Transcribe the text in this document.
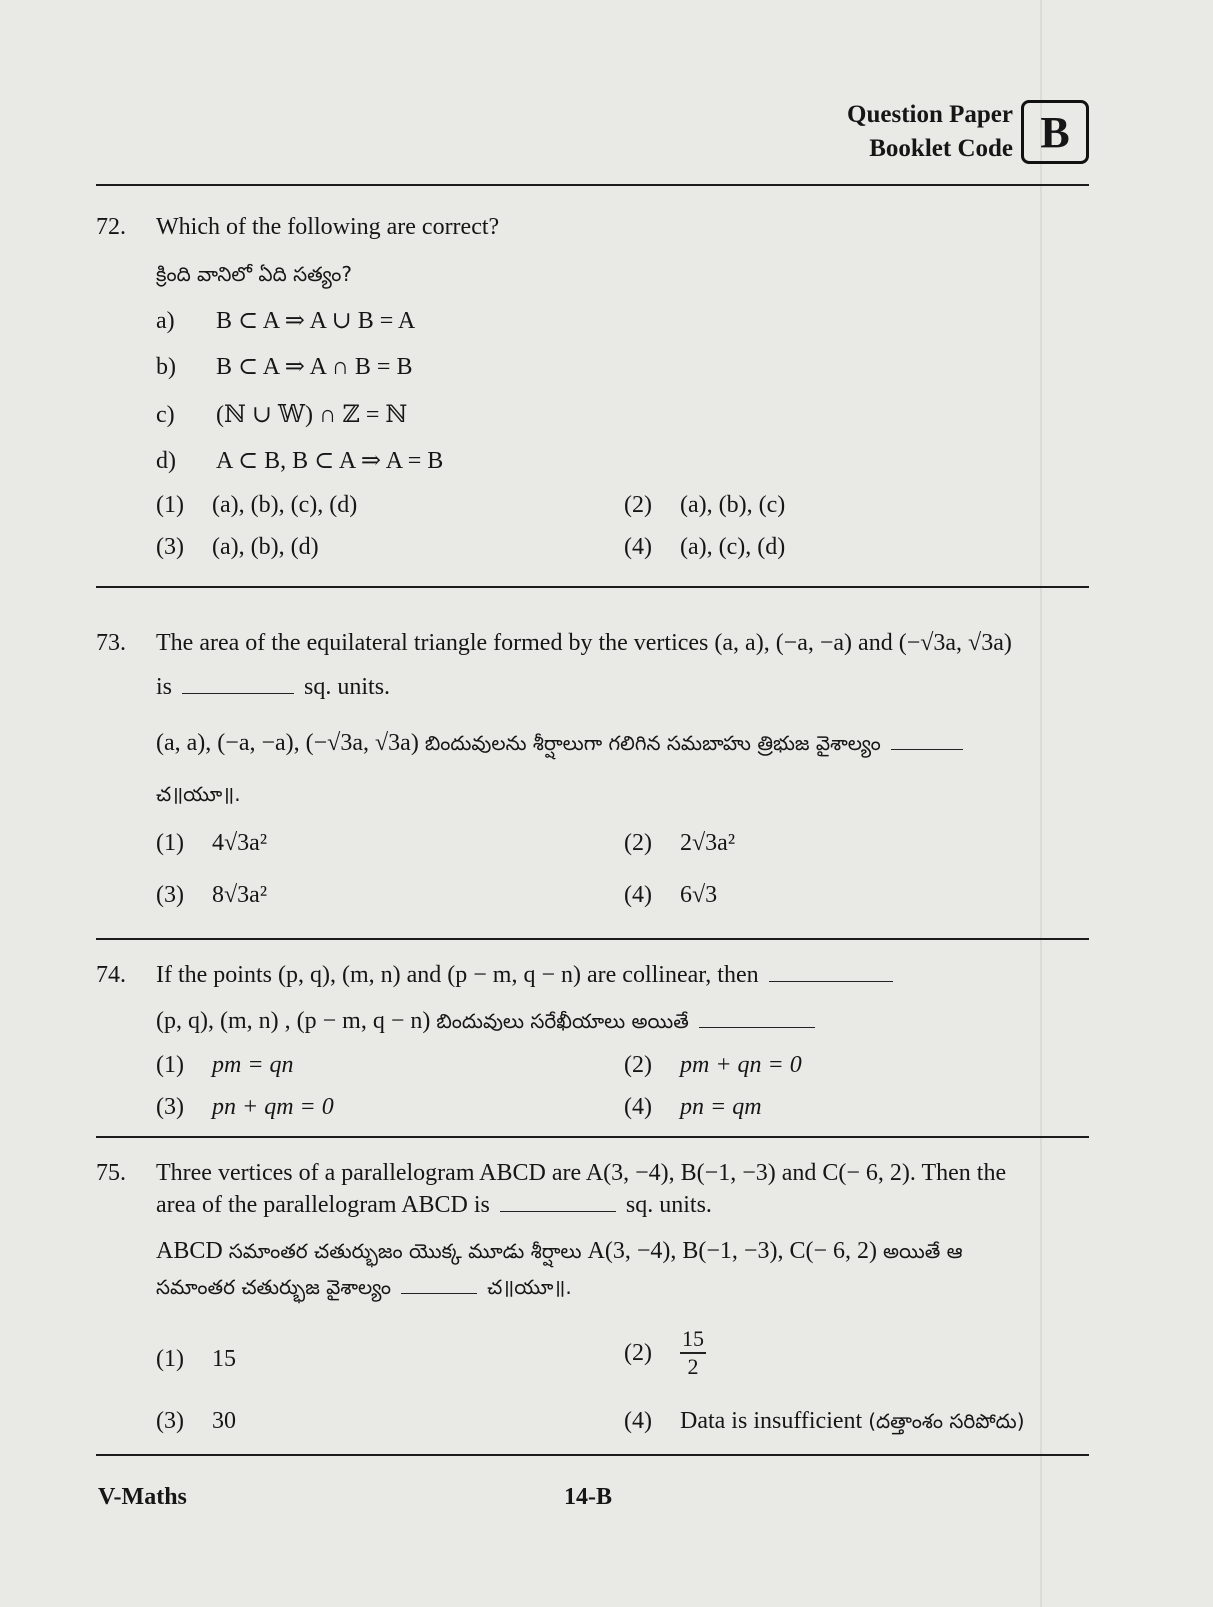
Question Paper
Booklet Code B
72. Which of the following are correct?
క్రింది వానిలో ఏది సత్యం?
a) B ⊂ A ⇒ A ∪ B = A
b) B ⊂ A ⇒ A ∩ B = B
c) (ℕ ∪ 𝕎) ∩ ℤ = ℕ
d) A ⊂ B, B ⊂ A ⇒ A = B
(1) (a), (b), (c), (d)	(2) (a), (b), (c)
(3) (a), (b), (d)	(4) (a), (c), (d)
73. The area of the equilateral triangle formed by the vertices (a, a), (−a, −a) and (−√3a, √3a)
is	sq. units.
(a, a), (−a, −a), (−√3a, √3a) బిందువులను శీర్షాలుగా గలిగిన సమబాహు త్రిభుజ వైశాల్యం
చ॥యూ॥.
(1) 4√3a²	(2) 2√3a²
(3) 8√3a²	(4) 6√3
74. If the points (p, q), (m, n) and (p − m, q − n) are collinear, then
(p, q), (m, n) , (p − m, q − n) బిందువులు సరేఖీయాలు అయితే
(1) pm = qn	(2) pm + qn = 0
(3) pn + qm = 0	(4) pn = qm
75. Three vertices of a parallelogram ABCD are A(3, −4), B(−1, −3) and C(− 6, 2). Then the
area of the parallelogram ABCD is	sq. units.
ABCD సమాంతర చతుర్భుజం యొక్క మూడు శీర్షాలు A(3, −4), B(−1, −3), C(− 6, 2) అయితే ఆ
సమాంతర చతుర్భుజ వైశాల్యం	చ॥యూ॥.
(1) 15	$(2) \frac{15}{2}$
(3) 30	(4) Data is insufficient (దత్తాంశం సరిపోదు)
V-Maths	14-B
